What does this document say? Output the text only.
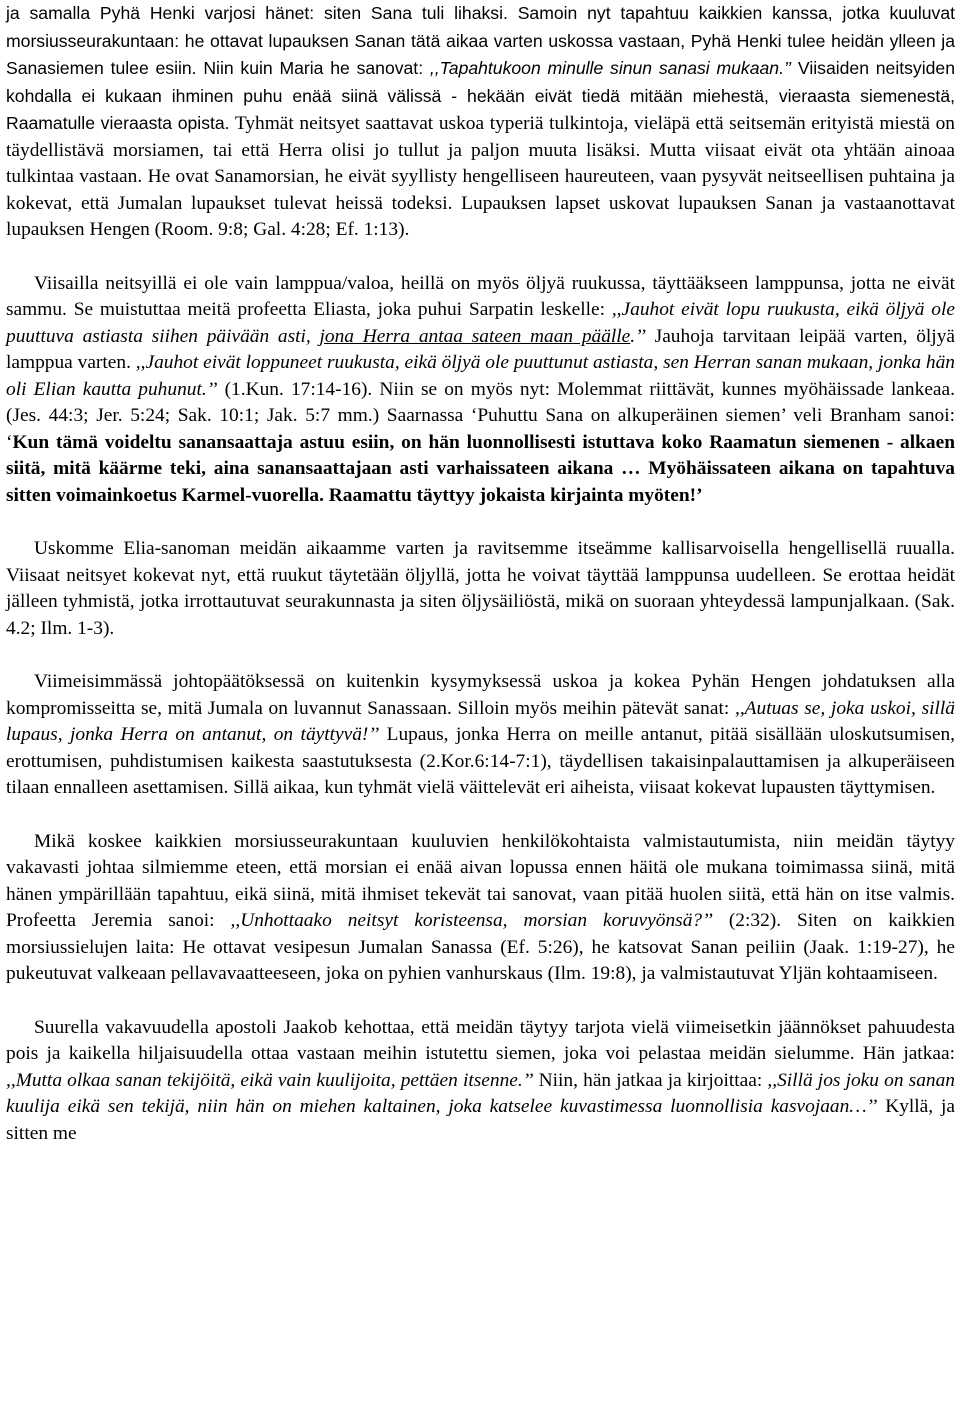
ja samalla Pyhä Henki varjosi hänet: siten Sana tuli lihaksi. Samoin nyt tapahtuu kaikkien kanssa, jotka kuuluvat morsiusseurakuntaan: he ottavat lupauksen Sanan tätä aikaa varten uskossa vastaan, Pyhä Henki tulee heidän ylleen ja Sanasiemen tulee esiin. Niin kuin Maria he sanovat: ,,Tapahtukoon minulle sinun sanasi mukaan.’’ Viisaiden neitsyiden kohdalla ei kukaan ihminen puhu enää siinä välissä - hekään eivät tiedä mitään miehestä, vieraasta siemenestä, Raamatulle vieraasta opista. Tyhmät neitsyet saattavat uskoa typeriä tulkintoja, vieläpä että seitsemän erityistä miestä on täydellistävä morsiamen, tai että Herra olisi jo tullut ja paljon muuta lisäksi. Mutta viisaat eivät ota yhtään ainoaa tulkintaa vastaan. He ovat Sanamorsian, he eivät syyllisty hengelliseen haureuteen, vaan pysyvät neitseellisen puhtaina ja kokevat, että Jumalan lupaukset tulevat heissä todeksi. Lupauksen lapset uskovat lupauksen Sanan ja vastaanottavat lupauksen Hengen (Room. 9:8; Gal. 4:28; Ef. 1:13).

Viisailla neitsyillä ei ole vain lamppua/valoa, heillä on myös öljyä ruukussa, täyttääkseen lamppunsa, jotta ne eivät sammu. Se muistuttaa meitä profeetta Eliasta, joka puhui Sarpatin leskelle: ,,Jauhot eivät lopu ruukusta, eikä öljyä ole puuttuva astiasta siihen päivään asti, jona Herra antaa sateen maan päälle.’’ Jauhoja tarvitaan leipää varten, öljyä lamppua varten. ,,Jauhot eivät loppuneet ruukusta, eikä öljyä ole puuttunut astiasta, sen Herran sanan mukaan, jonka hän oli Elian kautta puhunut.’’ (1.Kun. 17:14-16). Niin se on myös nyt: Molemmat riittävät, kunnes myöhäissade lankeaa. (Jes. 44:3; Jer. 5:24; Sak. 10:1; Jak. 5:7 mm.) Saarnassa ‘Puhuttu Sana on alkuperäinen siemen’ veli Branham sanoi: ‘Kun tämä voideltu sanansaattaja astuu esiin, on hän luonnollisesti istuttava koko Raamatun siemenen - alkaen siitä, mitä käärme teki, aina sanansaattajaan asti varhaissateen aikana … Myöhäissateen aikana on tapahtuva sitten voimainkoetus Karmel-vuorella. Raamattu täyttyy jokaista kirjainta myöten!’

Uskomme Elia-sanoman meidän aikaamme varten ja ravitsemme itseämme kallisarvoisella hengellisellä ruualla. Viisaat neitsyet kokevat nyt, että ruukut täytetään öljyllä, jotta he voivat täyttää lamppunsa uudelleen. Se erottaa heidät jälleen tyhmistä, jotka irrottautuvat seurakunnasta ja siten öljysäiliöstä, mikä on suoraan yhteydessä lampunjalkaan. (Sak. 4.2; Ilm. 1-3).

Viimeisimmässä johtopäätöksessä on kuitenkin kysymyksessä uskoa ja kokea Pyhän Hengen johdatuksen alla kompromisseitta se, mitä Jumala on luvannut Sanassaan. Silloin myös meihin pätevät sanat: ,,Autuas se, joka uskoi, sillä lupaus, jonka Herra on antanut, on täyttyvä!’’ Lupaus, jonka Herra on meille antanut, pitää sisällään uloskutsumisen, erottumisen, puhdistumisen kaikesta saastutuksesta (2.Kor.6:14-7:1), täydellisen takaisinpalauttamisen ja alkuperäiseen tilaan ennalleen asettamisen. Sillä aikaa, kun tyhmät vielä väittelevät eri aiheista, viisaat kokevat lupausten täyttymisen.

Mikä koskee kaikkien morsiusseurakuntaan kuuluvien henkilökohtaista valmistautumista, niin meidän täytyy vakavasti johtaa silmiemme eteen, että morsian ei enää aivan lopussa ennen häitä ole mukana toimimassa siinä, mitä hänen ympärillään tapahtuu, eikä siinä, mitä ihmiset tekevät tai sanovat, vaan pitää huolen siitä, että hän on itse valmis. Profeetta Jeremia sanoi: ,,Unhottaako neitsyt koristeensa, morsian koruvyönsä?’’ (2:32). Siten on kaikkien morsiussielujen laita: He ottavat vesipesun Jumalan Sanassa (Ef. 5:26), he katsovat Sanan peiliin (Jaak. 1:19-27), he pukeutuvat valkeaan pellavavaatteeseen, joka on pyhien vanhurskaus (Ilm. 19:8), ja valmistautuvat Yljän kohtaamiseen.

Suurella vakavuudella apostoli Jaakob kehottaa, että meidän täytyy tarjota vielä viimeisetkin jäännökset pahuudesta pois ja kaikella hiljaisuudella ottaa vastaan meihin istutettu siemen, joka voi pelastaa meidän sielumme. Hän jatkaa: ,,Mutta olkaa sanan tekijöitä, eikä vain kuulijoita, pettäen itsenne.’’ Niin, hän jatkaa ja kirjoittaa: ,,Sillä jos joku on sanan kuulija eikä sen tekijä, niin hän on miehen kaltainen, joka katselee kuvastimessa luonnollisia kasvojaan…’’ Kyllä, ja sitten me
